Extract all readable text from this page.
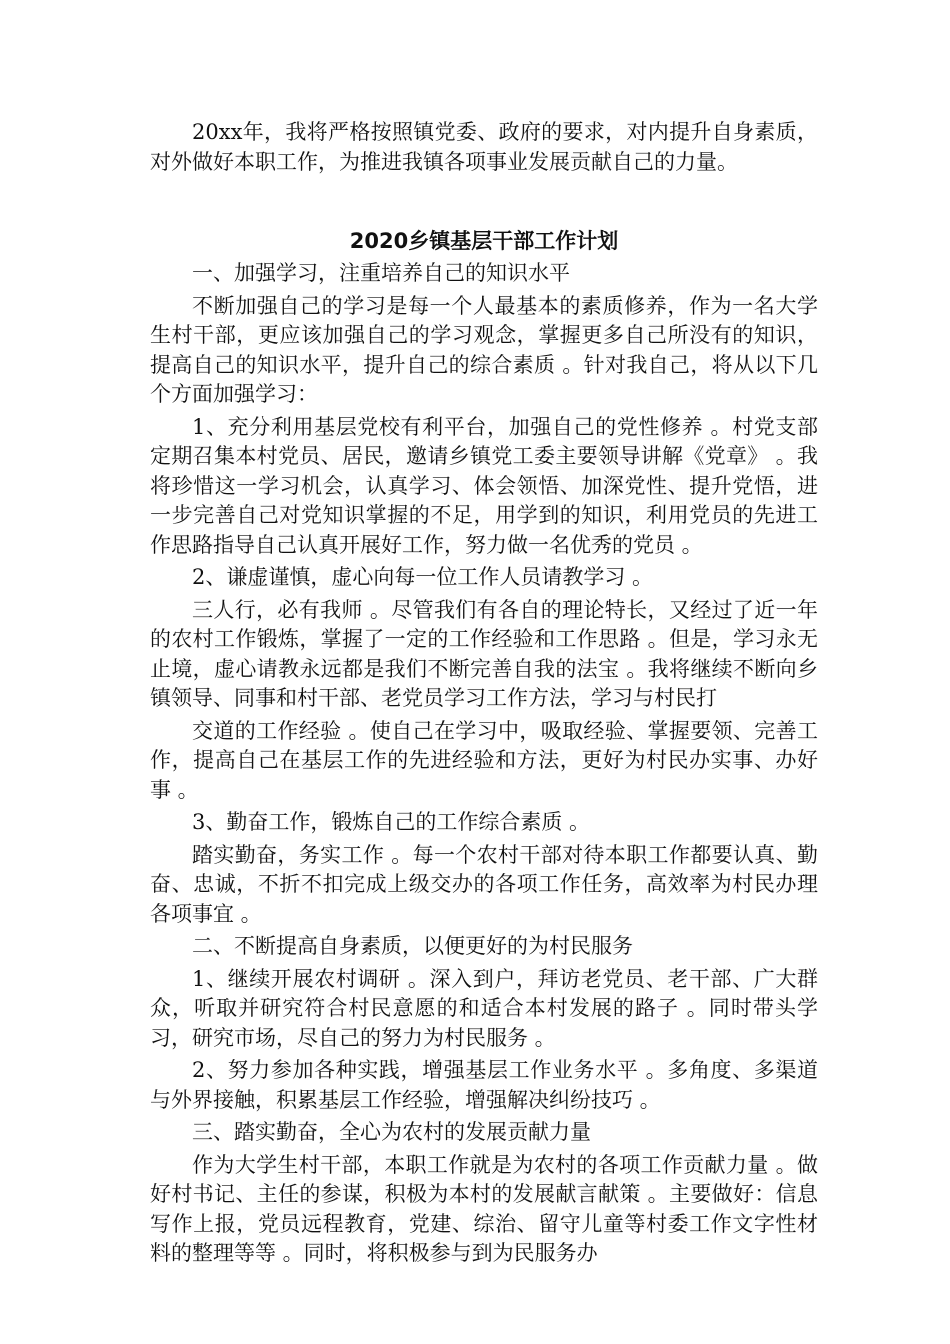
20xx年，我将严格按照镇党委、政府的要求，对内提升自身素质，对外做好本职工作，为推进我镇各项事业发展贡献自己的力量。

2020乡镇基层干部工作计划

一、加强学习，注重培养自己的知识水平

不断加强自己的学习是每一个人最基本的素质修养，作为一名大学生村干部，更应该加强自己的学习观念，掌握更多自己所没有的知识，提高自己的知识水平，提升自己的综合素质 。针对我自己，将从以下几个方面加强学习：

1、充分利用基层党校有利平台，加强自己的党性修养 。村党支部定期召集本村党员、居民，邀请乡镇党工委主要领导讲解《党章》 。我将珍惜这一学习机会，认真学习、体会领悟、加深党性、提升党悟，进一步完善自己对党知识掌握的不足，用学到的知识，利用党员的先进工作思路指导自己认真开展好工作，努力做一名优秀的党员 。

2、谦虚谨慎，虚心向每一位工作人员请教学习 。

三人行，必有我师 。尽管我们有各自的理论特长，又经过了近一年的农村工作锻炼，掌握了一定的工作经验和工作思路 。但是，学习永无止境，虚心请教永远都是我们不断完善自我的法宝 。我将继续不断向乡镇领导、同事和村干部、老党员学习工作方法，学习与村民打

交道的工作经验 。使自己在学习中，吸取经验、掌握要领、完善工作，提高自己在基层工作的先进经验和方法，更好为村民办实事、办好事 。

3、勤奋工作，锻炼自己的工作综合素质 。

踏实勤奋，务实工作 。每一个农村干部对待本职工作都要认真、勤奋、忠诚，不折不扣完成上级交办的各项工作任务，高效率为村民办理各项事宜 。

二、不断提高自身素质，以便更好的为村民服务

1、继续开展农村调研 。深入到户，拜访老党员、老干部、广大群众，听取并研究符合村民意愿的和适合本村发展的路子 。同时带头学习，研究市场，尽自己的努力为村民服务 。

2、努力参加各种实践，增强基层工作业务水平 。多角度、多渠道与外界接触，积累基层工作经验，增强解决纠纷技巧 。

三、踏实勤奋，全心为农村的发展贡献力量

作为大学生村干部，本职工作就是为农村的各项工作贡献力量 。做好村书记、主任的参谋，积极为本村的发展献言献策 。主要做好：信息写作上报，党员远程教育，党建、综治、留守儿童等村委工作文字性材料的整理等等 。同时，将积极参与到为民服务办
